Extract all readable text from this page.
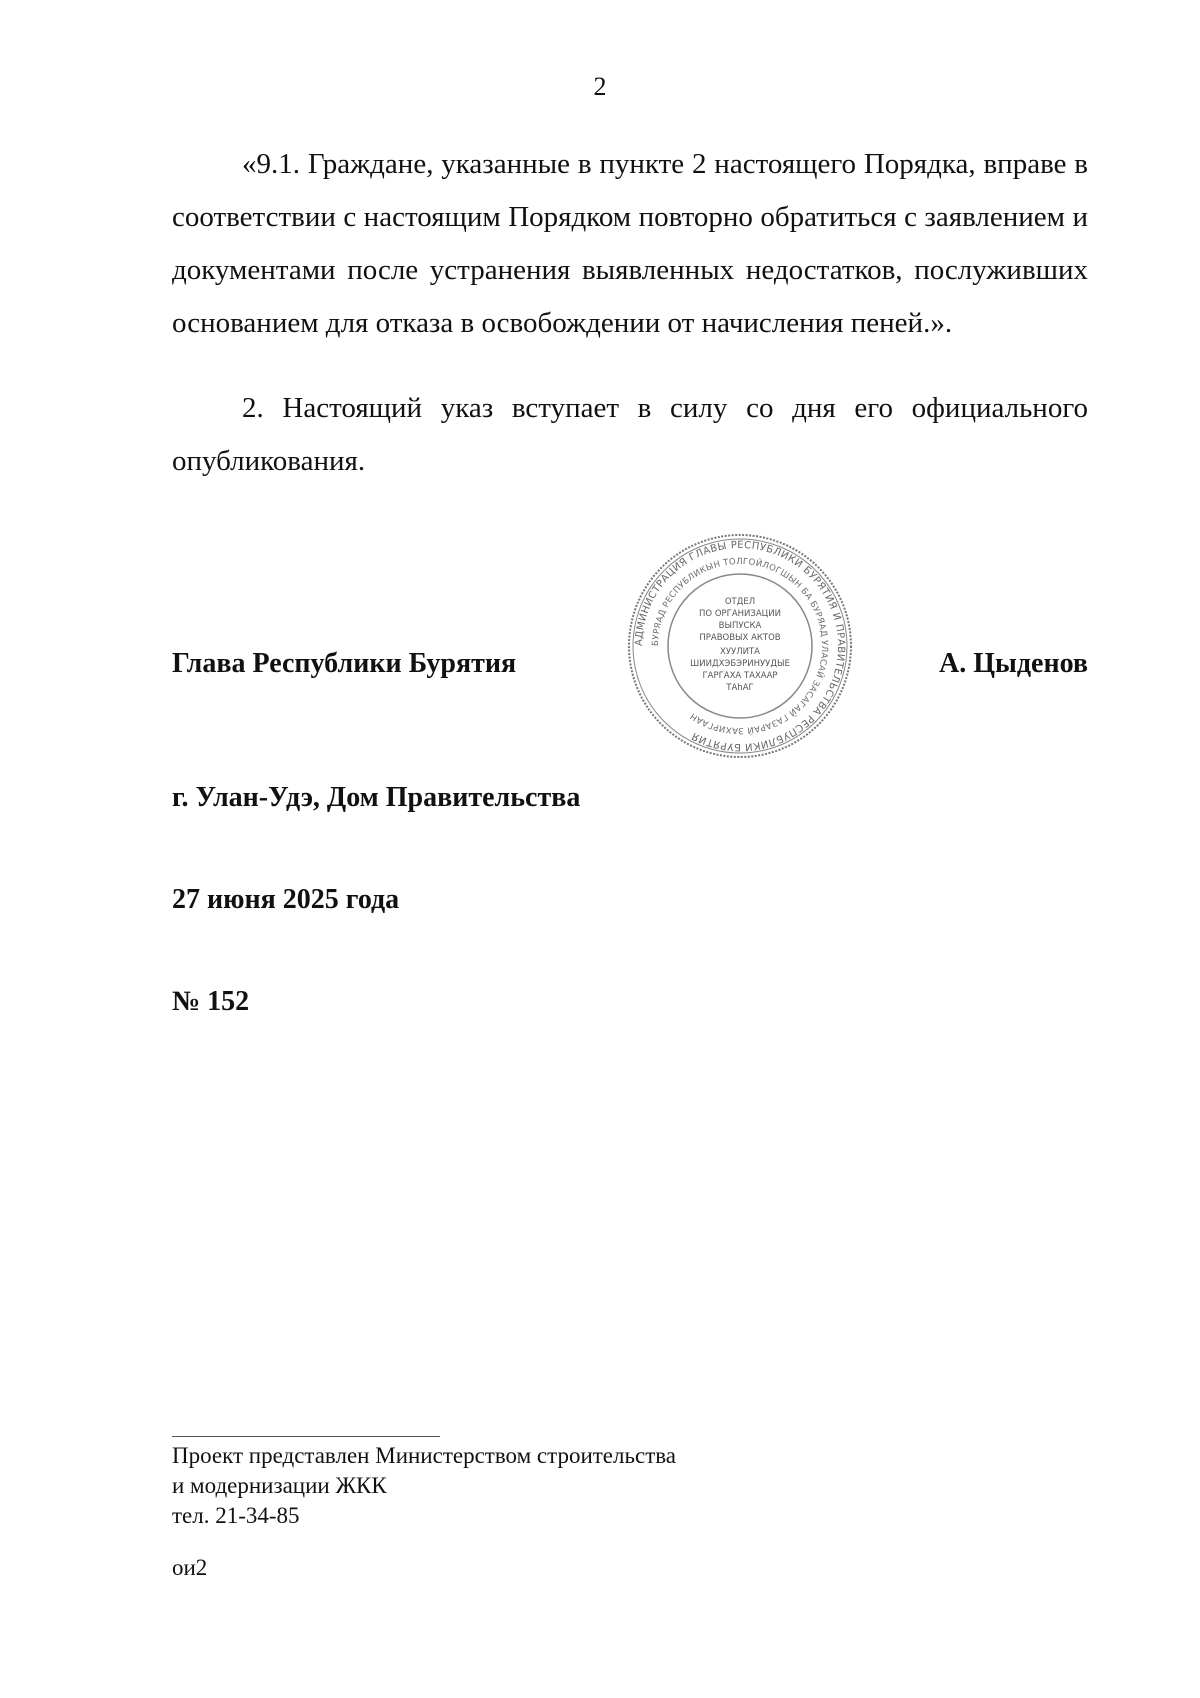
2

«9.1. Граждане, указанные в пункте 2 настоящего Порядка, вправе в соответствии с настоящим Порядком повторно обратиться с заявлением и документами после устранения выявленных недостатков, послуживших основанием для отказа в освобождении от начисления пеней.».

2. Настоящий указ вступает в силу со дня его официального опубликования.

Глава Республики Бурятия
АДМИНИСТРАЦИЯ ГЛАВЫ РЕСПУБЛИКИ БУРЯТИЯ И ПРАВИТЕЛЬСТВА РЕСПУБЛИКИ БУРЯТИЯ
БУРЯАД РЕСПУБЛИКЫН ТОЛГОЙЛОГШЫН БА БУРЯАД УЛАСАЙ ЗАСАГАЙ ГАЗАРАЙ ЗАХИРГААН
ОТДЕЛ
ПО ОРГАНИЗАЦИИ
ВЫПУСКА
ПРАВОВЫХ АКТОВ
ХУУЛИТА
ШИИДХЭБЭРИНУУДЫЕ
ГАРГАХА ТАХААР
ТАһАГ
А. Цыденов
г. Улан-Удэ, Дом Правительства
27 июня 2025 года
№ 152
Проект представлен Министерством строительства
и модернизации ЖКК
тел. 21-34-85
ои2
